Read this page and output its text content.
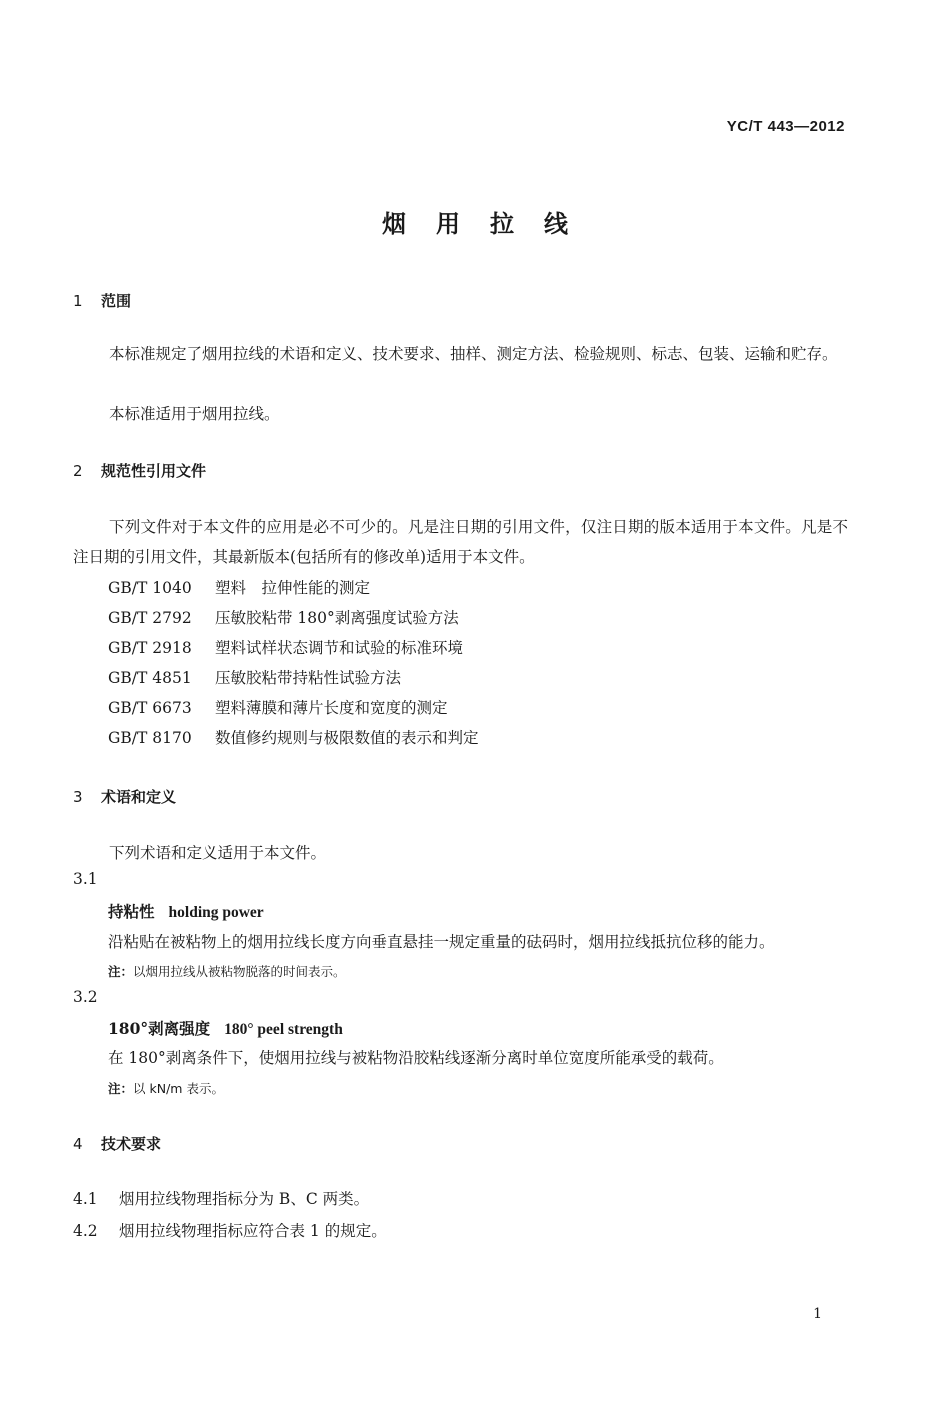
YC/T 443—2012
烟用拉线
1 范围
本标准规定了烟用拉线的术语和定义、技术要求、抽样、测定方法、检验规则、标志、包装、运输和贮存。
本标准适用于烟用拉线。
2 规范性引用文件
下列文件对于本文件的应用是必不可少的。凡是注日期的引用文件，仅注日期的版本适用于本文件。凡是不注日期的引用文件，其最新版本(包括所有的修改单)适用于本文件。
GB/T 1040 塑料　拉伸性能的测定
GB/T 2792 压敏胶粘带 180°剥离强度试验方法
GB/T 2918 塑料试样状态调节和试验的标准环境
GB/T 4851 压敏胶粘带持粘性试验方法
GB/T 6673 塑料薄膜和薄片长度和宽度的测定
GB/T 8170 数值修约规则与极限数值的表示和判定
3 术语和定义
下列术语和定义适用于本文件。
3.1
持粘性 holding power
沿粘贴在被粘物上的烟用拉线长度方向垂直悬挂一规定重量的砝码时，烟用拉线抵抗位移的能力。
注：以烟用拉线从被粘物脱落的时间表示。
3.2
180°剥离强度 180° peel strength
在 180°剥离条件下，使烟用拉线与被粘物沿胶粘线逐渐分离时单位宽度所能承受的载荷。
注：以 kN/m 表示。
4 技术要求
4.1 烟用拉线物理指标分为 B、C 两类。
4.2 烟用拉线物理指标应符合表 1 的规定。
1
